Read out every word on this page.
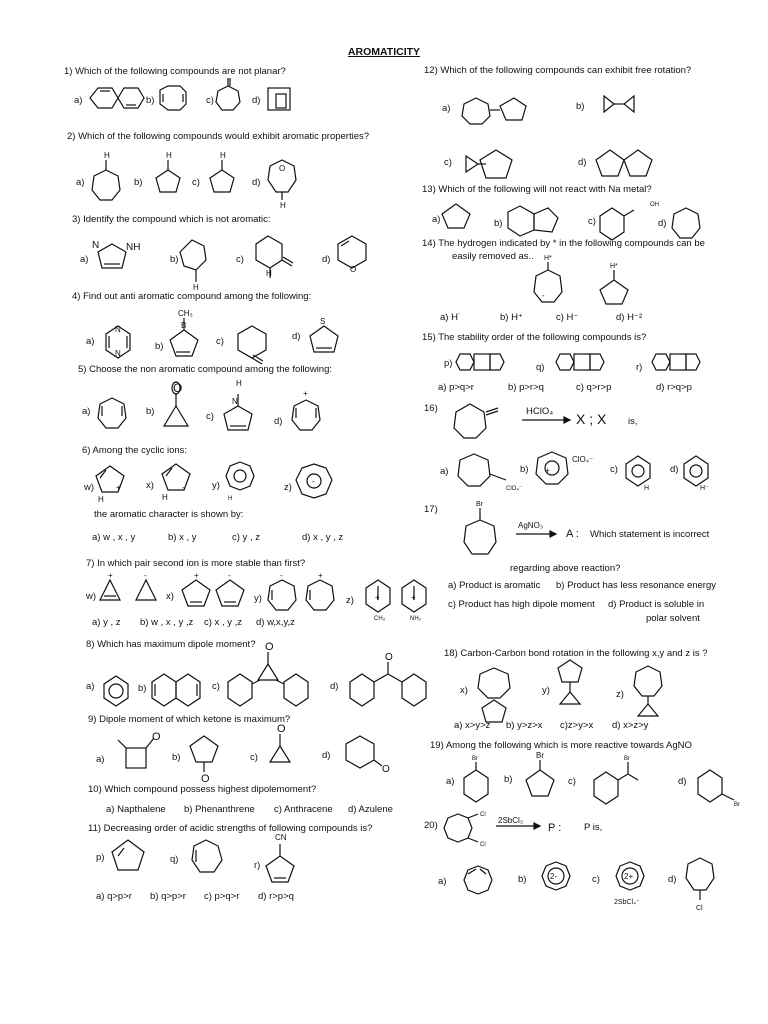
AROMATICITY
1) Which of the following compounds are not planar?
a)	b)	c)	d)
2) Which of the following compounds would exhibit aromatic properties?
a)	b)	c)	d)
3) Identify the compound which is not aromatic:
a)	b)	c)	d)
4) Find out anti aromatic compound among the following:
a)	b)	c)	d)
5) Choose the non aromatic compound among the following:
a)	b)	c)	d)
6) Among the cyclic ions:
w)	x)	y)	z)
the aromatic character is shown by:
a) w , x , y	b) x , y	c) y , z	d) x , y , z
7) In which pair second ion is more stable than first?
w)	x)	y)	z)
a) y , z b) w , x , y ,z c) x , y ,z d) w,x,y,z
8) Which has maximum dipole moment?
a)	b)	c)	d)
9) Dipole moment of which ketone is maximum?
a)	b)	c)	d)
10) Which compound possess highest dipolemoment?
a) Napthalene b) Phenanthrene c) Anthracene d) Azulene
11) Decreasing order of acidic strengths of following compounds is?
p)	q)
r)
a) q>p>r b) q>p>r c) p>q>r d) r>p>q
12) Which of the following compounds can exhibit free rotation?
a)	b)
c)	d)
13) Which of the following will not react with Na metal?
a)	b)	c)	d)
14) The hydrogen indicated by * in the following compounds can be
easily removed as..
a) H˙	b) H⁺	c) H⁻	d) H⁻²
15) The stability order of the following compounds is?
p)	q)	r)
a) p>q>r	b) p>r>q	c) q>r>p	d) r>q>p
16)	HClO₄ X ; X is,
a)	b)	c)	d)
17)
AgNO₃
A : Which statement is incorrect
regarding above reaction?
a) Product is aromatic b) Product has less resonance energy
c) Product has high dipole moment d) Product is soluble in
polar solvent
18) Carbon-Carbon bond rotation in the following x,y and z is ?
x)	y)	z)
a) x>y>z b) y>z>x c)z>y>x d) x>z>y
19) Among the following which is more reactive towards AgNO
a)	b)	c)	d)
20)	2SbCl₃
P : P is,
a)	b)	c)	d)
2SbCl₄⁻
H	H	H
O
H
N	NH
H
H	O
N
N
CH₃
B	S
O	H
N
+
+
H
-
H	H
-
+	-	+	-	-	+
+	+
CH₃	NH₂
O
O
O
O
O
O
CN
OH
H*
H*
-
+
ClO₄⁻
ClO₄⁻	H	H⁻
Br
Br	Br	Br
Br
Cl
Cl
2-	2+
Cl
